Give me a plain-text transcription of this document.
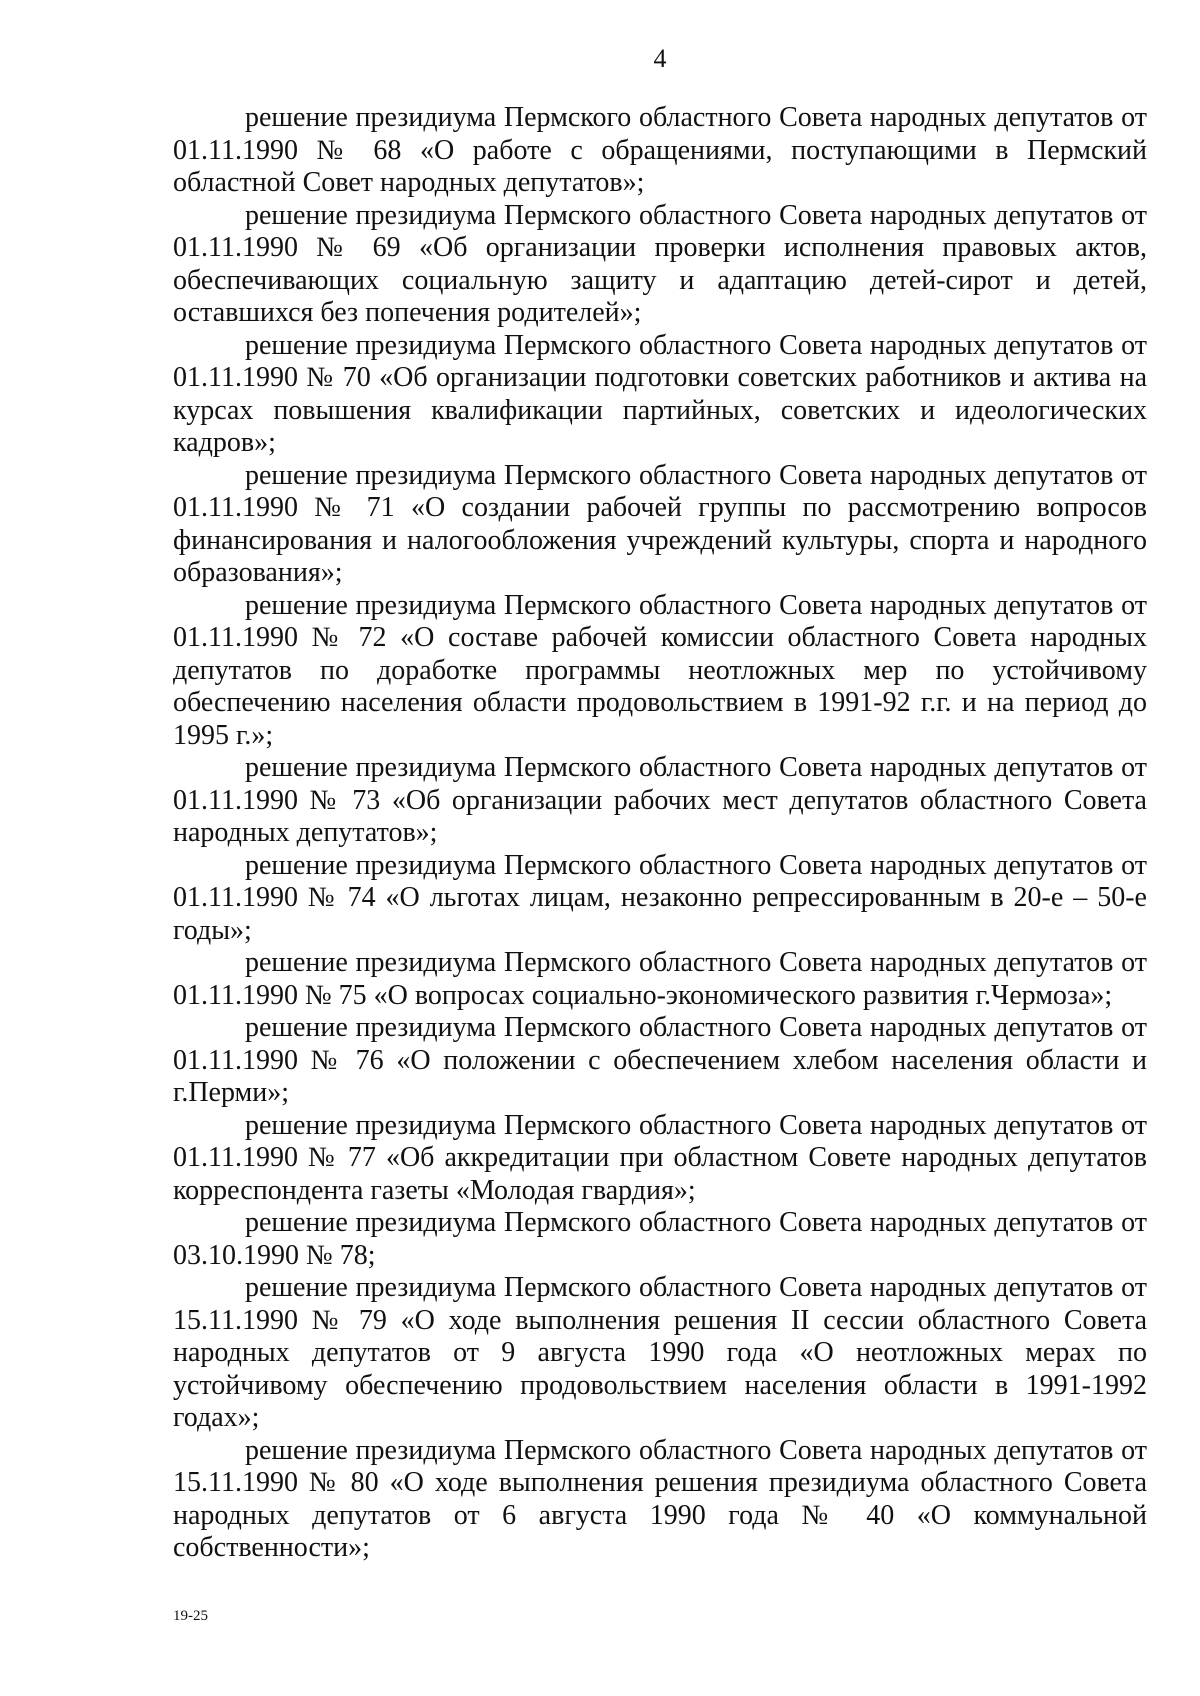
4

решение президиума Пермского областного Совета народных депутатов от 01.11.1990 № 68 «О работе с обращениями, поступающими в Пермский областной Совет народных депутатов»;

решение президиума Пермского областного Совета народных депутатов от 01.11.1990 № 69 «Об организации проверки исполнения правовых актов, обеспечивающих социальную защиту и адаптацию детей-сирот и детей, оставшихся без попечения родителей»;

решение президиума Пермского областного Совета народных депутатов от 01.11.1990 № 70 «Об организации подготовки советских работников и актива на курсах повышения квалификации партийных, советских и идеологических кадров»;

решение президиума Пермского областного Совета народных депутатов от 01.11.1990 № 71 «О создании рабочей группы по рассмотрению вопросов финансирования и налогообложения учреждений культуры, спорта и народного образования»;

решение президиума Пермского областного Совета народных депутатов от 01.11.1990 № 72 «О составе рабочей комиссии областного Совета народных депутатов по доработке программы неотложных мер по устойчивому обеспечению населения области продовольствием в 1991-92 г.г. и на период до 1995 г.»;

решение президиума Пермского областного Совета народных депутатов от 01.11.1990 № 73 «Об организации рабочих мест депутатов областного Совета народных депутатов»;

решение президиума Пермского областного Совета народных депутатов от 01.11.1990 № 74 «О льготах лицам, незаконно репрессированным в 20-е – 50-е годы»;

решение президиума Пермского областного Совета народных депутатов от 01.11.1990 № 75 «О вопросах социально-экономического развития г.Чермоза»;

решение президиума Пермского областного Совета народных депутатов от 01.11.1990 № 76 «О положении с обеспечением хлебом населения области и г.Перми»;

решение президиума Пермского областного Совета народных депутатов от 01.11.1990 № 77 «Об аккредитации при областном Совете народных депутатов корреспондента газеты «Молодая гвардия»;

решение президиума Пермского областного Совета народных депутатов от 03.10.1990 № 78;

решение президиума Пермского областного Совета народных депутатов от 15.11.1990 № 79 «О ходе выполнения решения II сессии областного Совета народных депутатов от 9 августа 1990 года «О неотложных мерах по устойчивому обеспечению продовольствием населения области в 1991-1992 годах»;

решение президиума Пермского областного Совета народных депутатов от 15.11.1990 № 80 «О ходе выполнения решения президиума областного Совета народных депутатов от 6 августа 1990 года № 40 «О коммунальной собственности»;

19-25
